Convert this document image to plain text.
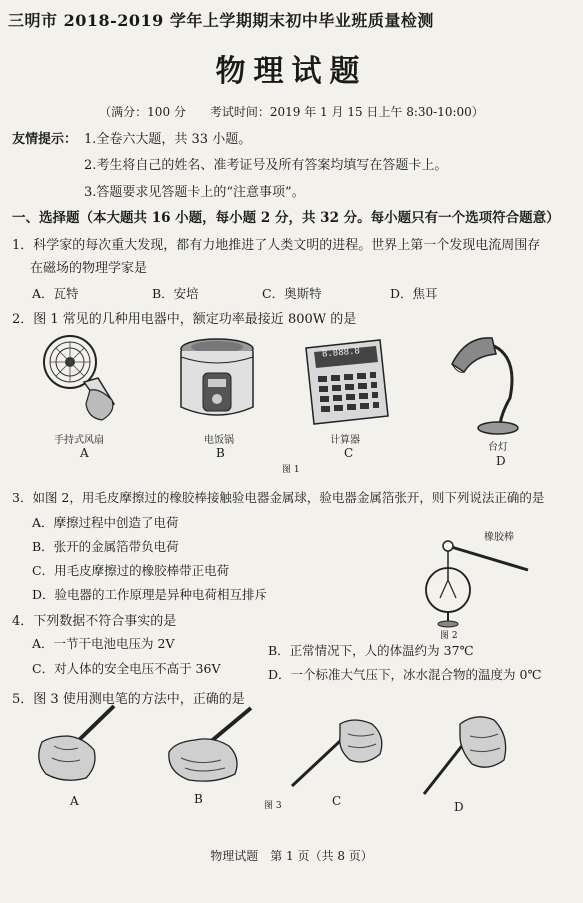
三明市 2018-2019 学年上学期期末初中毕业班质量检测
物理试题
（满分：100 分　　考试时间：2019 年 1 月 15 日上午 8:30-10:00）
友情提示： 1.全卷六大题，共 33 小题。
2.考生将自己的姓名、准考证号及所有答案均填写在答题卡上。
3.答题要求见答题卡上的“注意事项”。
一、选择题（本大题共 16 小题，每小题 2 分，共 32 分。每小题只有一个选项符合题意）
1．科学家的每次重大发现，都有力地推进了人类文明的进程。世界上第一个发现电流周围存
在磁场的物理学家是
A．瓦特	B．安培	C．奥斯特	D．焦耳
2．图 1 常见的几种用电器中，额定功率最接近 800W 的是
手持式风扇
A
电饭锅
B
8.888.8
计算器
C	台灯
D
图 1
3．如图 2，用毛皮摩擦过的橡胶棒接触验电器金属球，验电器金属箔张开，则下列说法正确的是
A．摩擦过程中创造了电荷
B．张开的金属箔带负电荷
C．用毛皮摩擦过的橡胶棒带正电荷
D．验电器的工作原理是异种电荷相互排斥
橡胶棒
图 2
4．下列数据不符合事实的是
A．一节干电池电压为 2V	B．正常情况下，人的体温约为 37℃
C．对人体的安全电压不高于 36V	D．一个标准大气压下，冰水混合物的温度为 0℃
5．图 3 使用测电笔的方法中，正确的是
A	B	C
图 3	D
物理试题　第 1 页（共 8 页）
